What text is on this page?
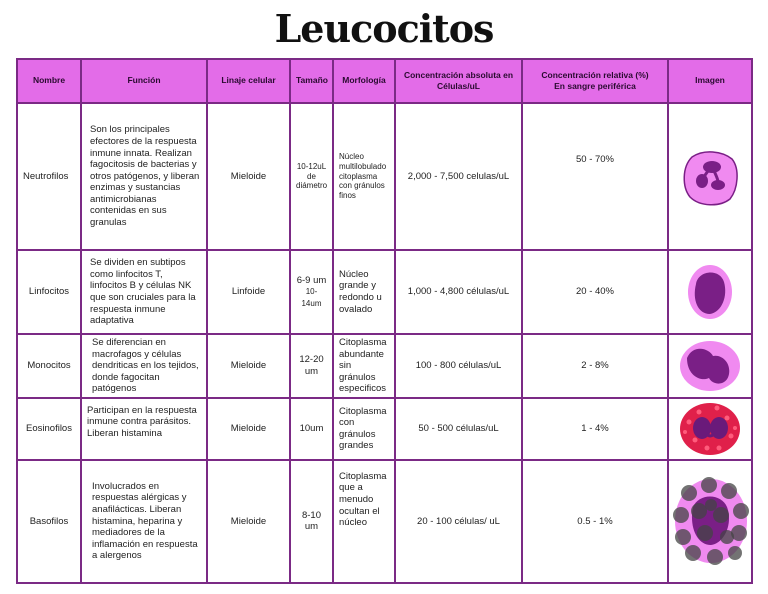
Leucocitos
Nombre	Función	Linaje celular	Tamaño	Morfología	Concentración absoluta en
Células/uL	Concentración relativa (%)
En sangre periférica	Imagen
Neutrofilos	Son los principales efectores de la respuesta inmune innata. Realizan fagocitosis de bacterias y otros patógenos, y liberan enzimas y sustancias antimicrobianas contenidas en sus granulas	Mieloide	10-12uL de diámetro	Núcleo multilobulado citoplasma con gránulos finos	2,000 - 7,500 celulas/uL	50 - 70%	

Linfocitos	Se dividen en subtipos como linfocitos T, linfocitos B y células NK que son cruciales para la respuesta inmune adaptativa	Linfoide	6-9 um
10-14um	Núcleo grande y redondo u ovalado	1,000 - 4,800 células/uL	20 - 40%	

Monocitos	Se diferencian en macrofagos y células dendriticas en los tejidos, donde fagocitan patógenos	Mieloide	12-20 um	Citoplasma abundante sin gránulos especificos	100 - 800 células/uL	2 - 8%	

Eosinofilos	Participan en la respuesta inmune contra parásitos. Liberan histamina	Mieloide	10um	Citoplasma con gránulos grandes	50 - 500 células/uL	1 - 4%	

Basofilos	Involucrados en respuestas alérgicas y anafilácticas. Liberan histamina, heparina y mediadores de la inflamación en respuesta a alergenos	Mieloide	8-10 um	Citoplasma que a menudo ocultan el núcleo	20 - 100 células/ uL	0.5 - 1%	
